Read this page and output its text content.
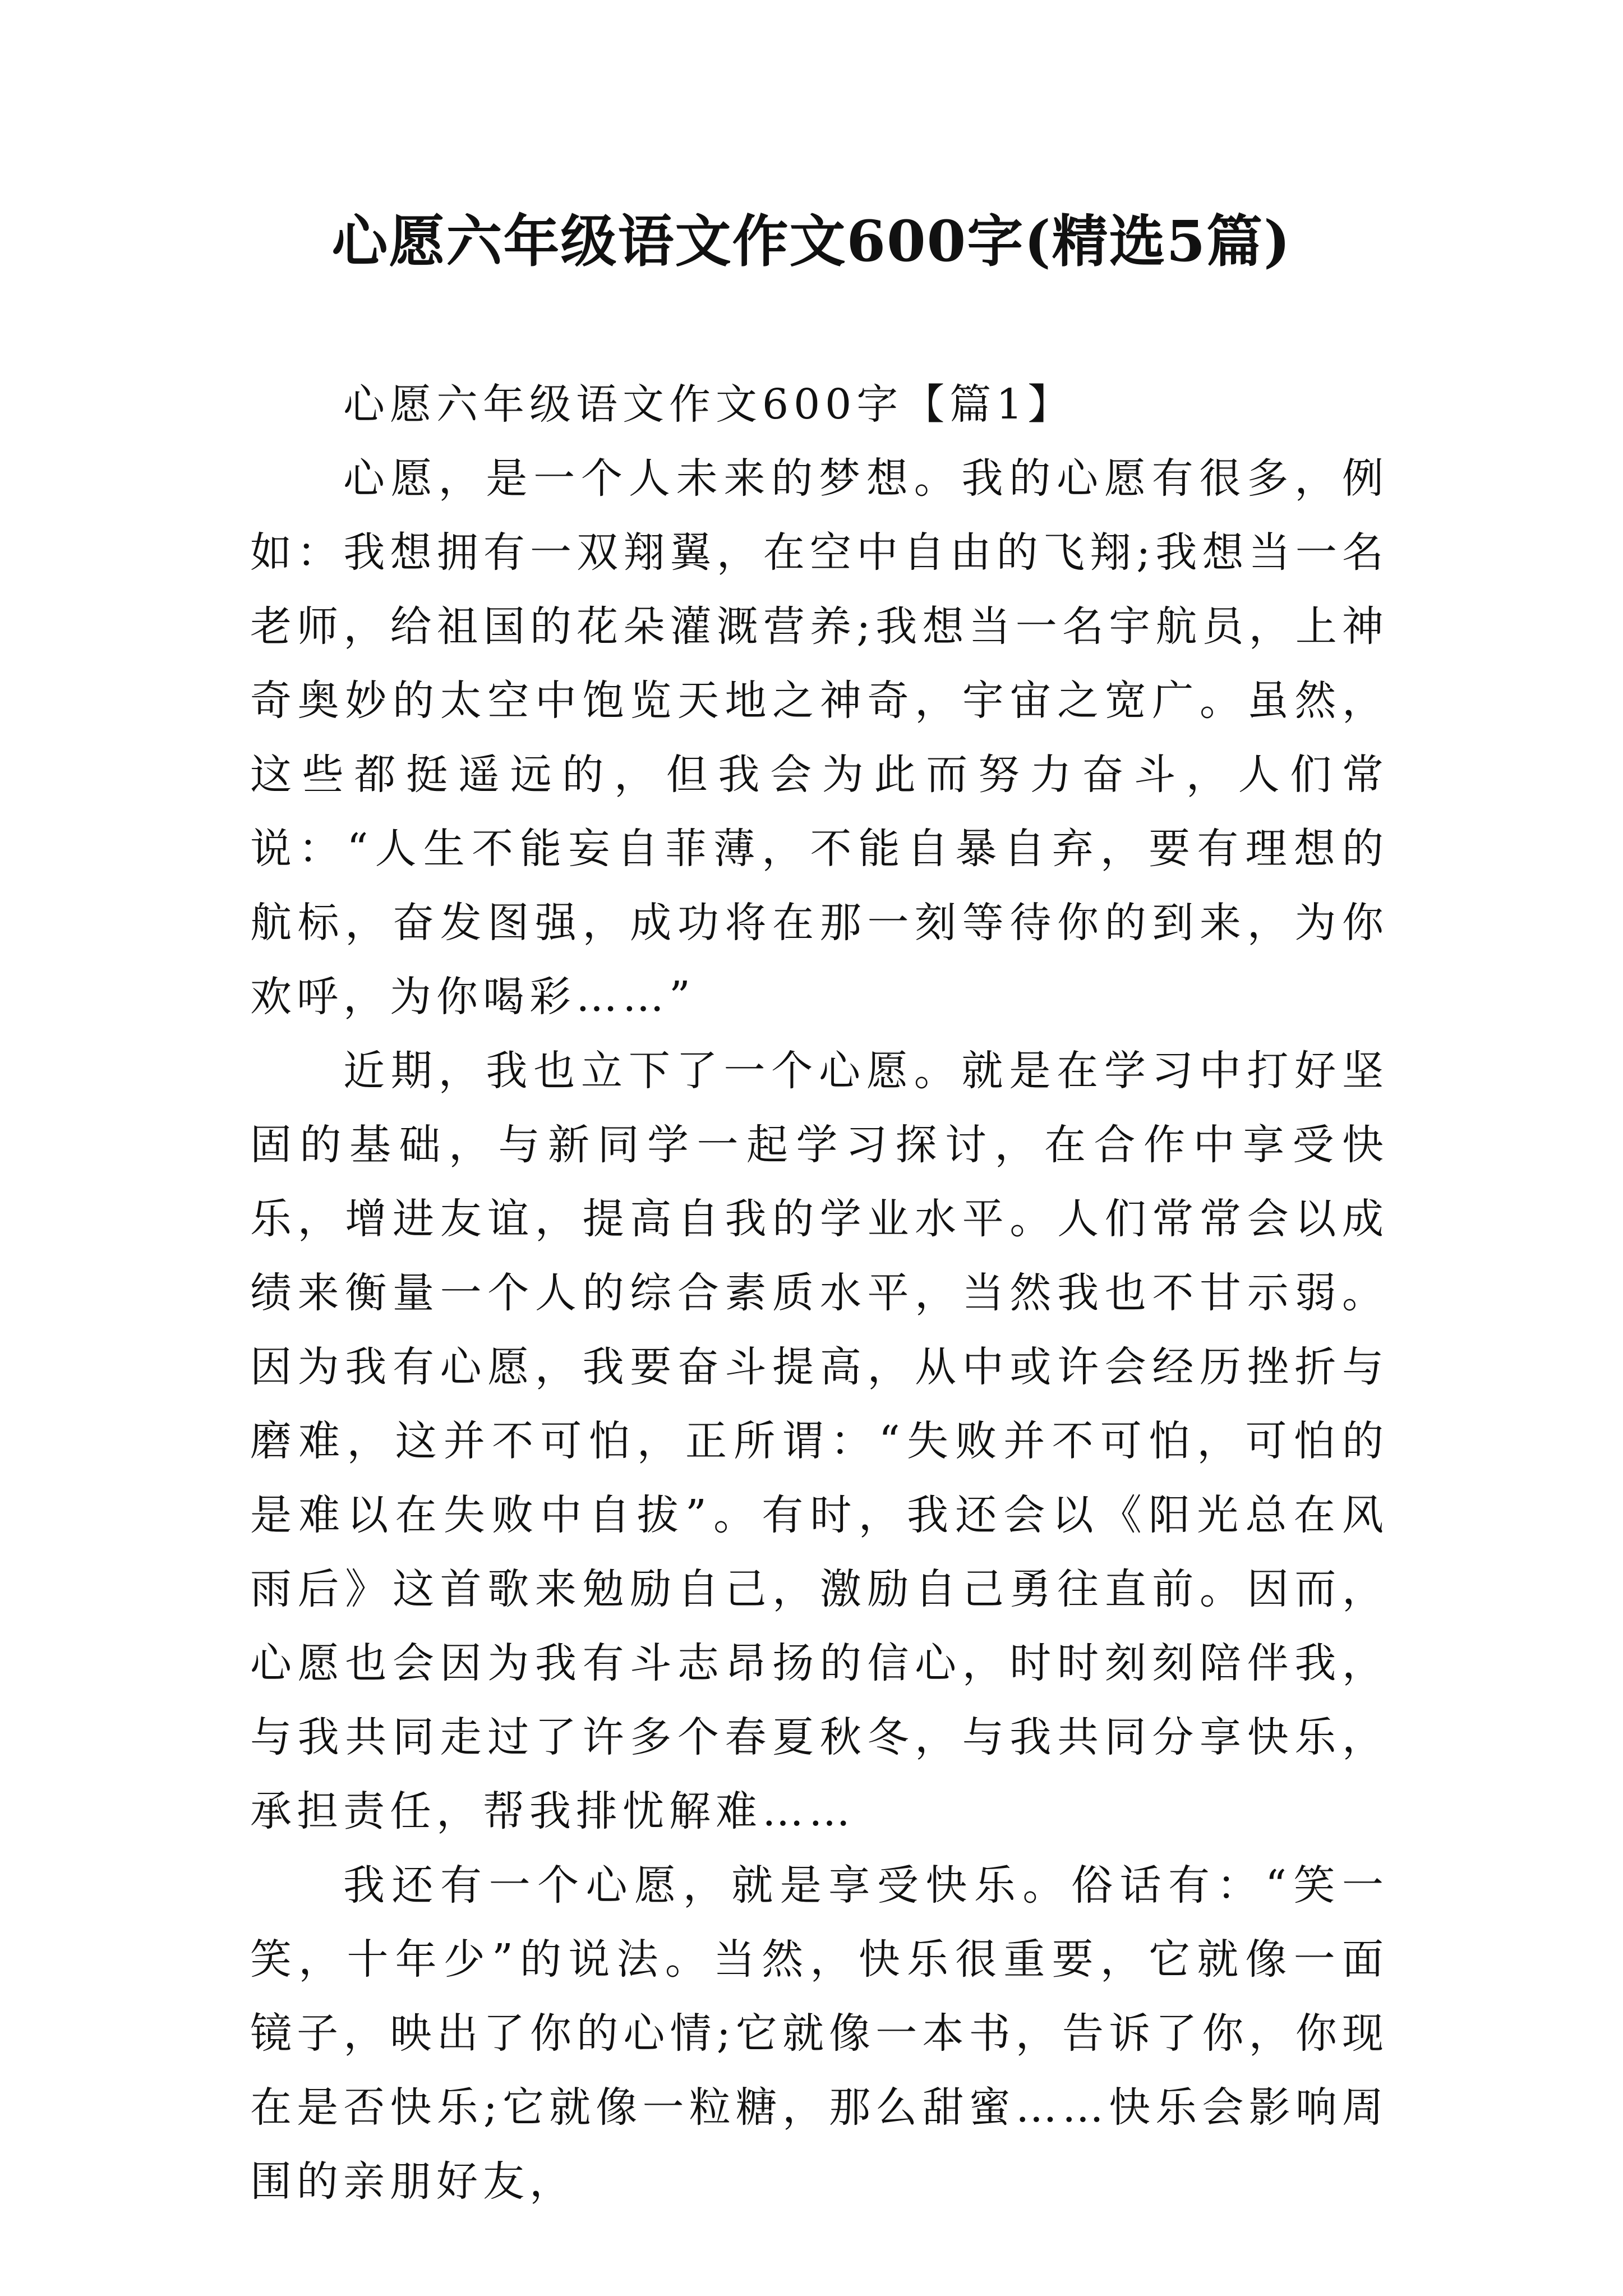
心愿六年级语文作文600字(精选5篇)

心愿六年级语文作文600字【篇1】

心愿，是一个人未来的梦想。我的心愿有很多，例如：我想拥有一双翔翼，在空中自由的飞翔;我想当一名老师，给祖国的花朵灌溉营养;我想当一名宇航员，上神奇奥妙的太空中饱览天地之神奇，宇宙之宽广。虽然，这些都挺遥远的，但我会为此而努力奋斗，人们常说：“人生不能妄自菲薄，不能自暴自弃，要有理想的航标，奋发图强，成功将在那一刻等待你的到来，为你欢呼，为你喝彩……”

近期，我也立下了一个心愿。就是在学习中打好坚固的基础，与新同学一起学习探讨，在合作中享受快乐，增进友谊，提高自我的学业水平。人们常常会以成绩来衡量一个人的综合素质水平，当然我也不甘示弱。因为我有心愿，我要奋斗提高，从中或许会经历挫折与磨难，这并不可怕，正所谓：“失败并不可怕，可怕的是难以在失败中自拔”。有时，我还会以《阳光总在风雨后》这首歌来勉励自己，激励自己勇往直前。因而，心愿也会因为我有斗志昂扬的信心，时时刻刻陪伴我，与我共同走过了许多个春夏秋冬，与我共同分享快乐，承担责任，帮我排忧解难……

我还有一个心愿，就是享受快乐。俗话有：“笑一笑，十年少”的说法。当然，快乐很重要，它就像一面镜子，映出了你的心情;它就像一本书，告诉了你，你现在是否快乐;它就像一粒糖，那么甜蜜……快乐会影响周围的亲朋好友，
